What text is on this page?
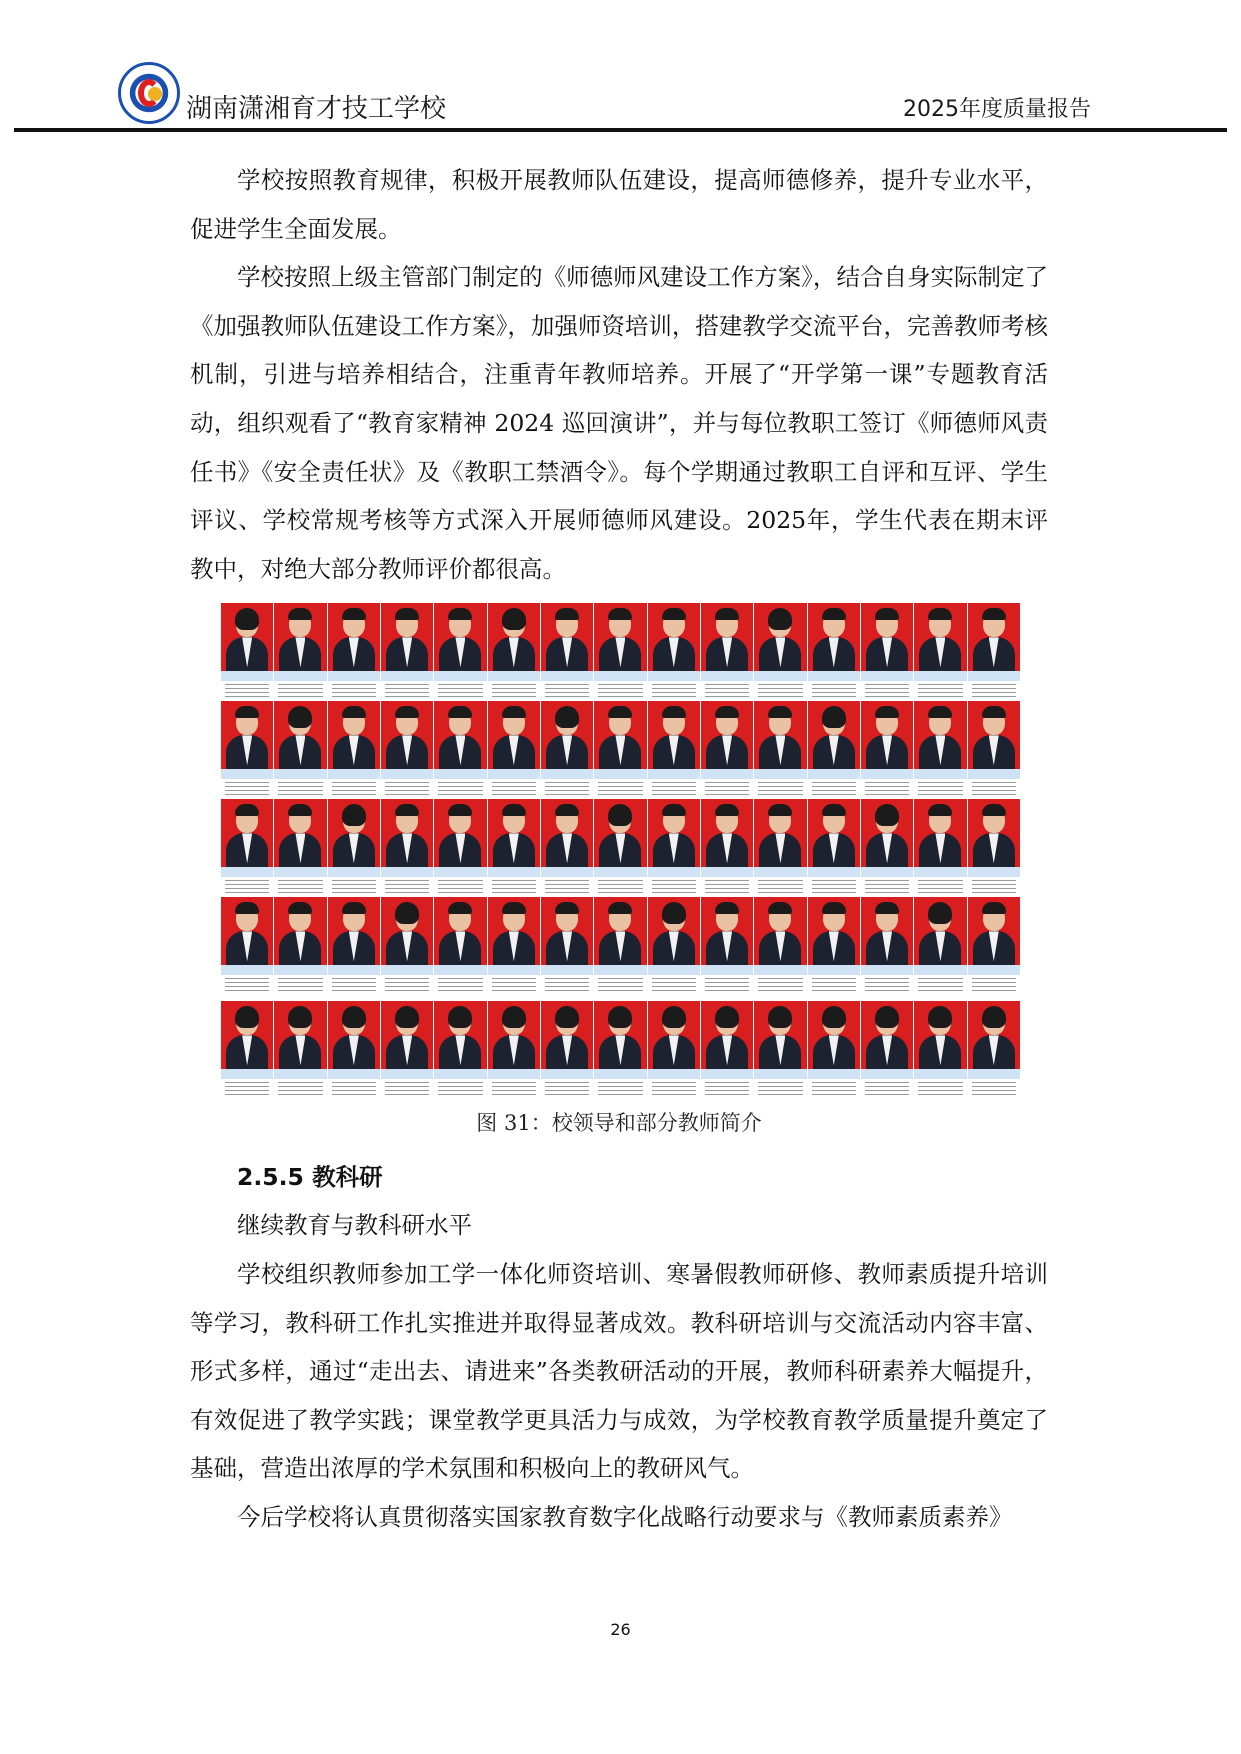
湖南潇湘育才技工学校	2025年度质量报告

学校按照教育规律，积极开展教师队伍建设，提高师德修养，提升专业水平，促进学生全面发展。

学校按照上级主管部门制定的《师德师风建设工作方案》，结合自身实际制定了《加强教师队伍建设工作方案》，加强师资培训，搭建教学交流平台，完善教师考核机制，引进与培养相结合，注重青年教师培养。开展了“开学第一课”专题教育活动，组织观看了“教育家精神 2024 巡回演讲”，并与每位教职工签订《师德师风责任书》《安全责任状》及《教职工禁酒令》。每个学期通过教职工自评和互评、学生评议、学校常规考核等方式深入开展师德师风建设。2025年，学生代表在期末评教中，对绝大部分教师评价都很高。

图 31：校领导和部分教师简介

2.5.5 教科研

继续教育与教科研水平

学校组织教师参加工学一体化师资培训、寒暑假教师研修、教师素质提升培训等学习，教科研工作扎实推进并取得显著成效。教科研培训与交流活动内容丰富、形式多样，通过“走出去、请进来”各类教研活动的开展，教师科研素养大幅提升，有效促进了教学实践；课堂教学更具活力与成效，为学校教育教学质量提升奠定了基础，营造出浓厚的学术氛围和积极向上的教研风气。

今后学校将认真贯彻落实国家教育数字化战略行动要求与《教师素质素养》

26
